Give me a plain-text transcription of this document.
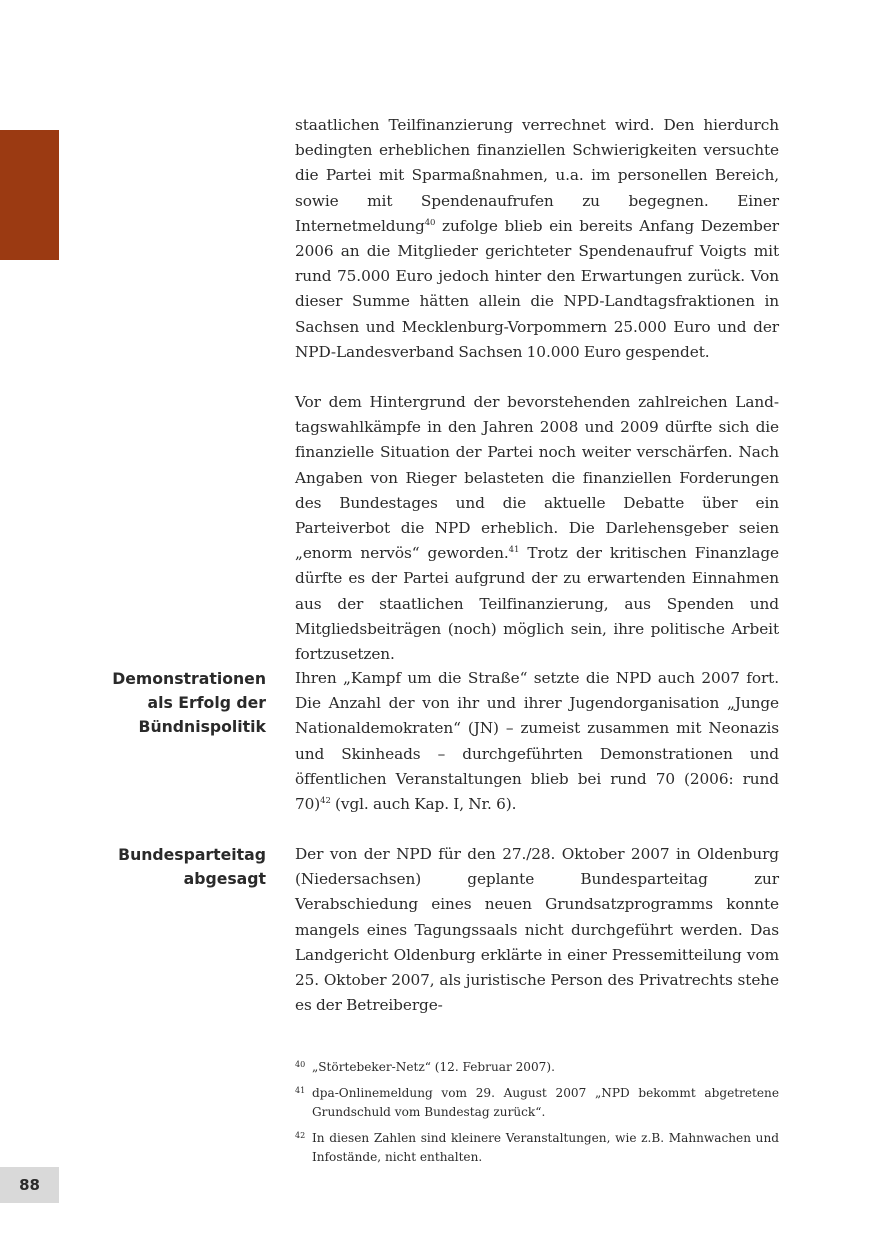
staatlichen Teilfinanzierung verrechnet wird. Den hierdurch bedingten erheblichen finanziellen Schwierigkeiten versuchte die Partei mit Sparmaßnahmen, u.a. im personellen Bereich, sowie mit Spendenaufrufen zu begegnen. Einer Internetmeldung$^{40}$ zufolge blieb ein bereits Anfang Dezember 2006 an die Mitglieder gerichteter Spendenaufruf Voigts mit rund 75.000 Euro jedoch hinter den Erwartungen zurück. Von dieser Summe hätten allein die NPD-Landtagsfraktionen in Sachsen und Mecklenburg-Vorpommern 25.000 Euro und der NPD-Landesverband Sachsen 10.000 Euro gespendet.

Vor dem Hintergrund der bevorstehenden zahlreichen Landtagswahlkämpfe in den Jahren 2008 und 2009 dürfte sich die finanzielle Situation der Partei noch weiter verschärfen. Nach Angaben von Rieger belasteten die finanziellen Forderungen des Bundestages und die aktuelle Debatte über ein Parteiverbot die NPD erheblich. Die Darlehensgeber seien „enorm nervös“ geworden.$^{41}$ Trotz der kritischen Finanzlage dürfte es der Partei aufgrund der zu erwartenden Einnahmen aus der staatlichen Teilfinanzierung, aus Spenden und Mitgliedsbeiträgen (noch) möglich sein, ihre politische Arbeit fortzusetzen.

Demonstrationen
als Erfolg der
Bündnispolitik

Ihren „Kampf um die Straße“ setzte die NPD auch 2007 fort. Die Anzahl der von ihr und ihrer Jugendorganisation „Junge Nationaldemokraten“ (JN) – zumeist zusammen mit Neonazis und Skinheads – durchgeführten Demonstrationen und öffentlichen Veranstaltungen blieb bei rund 70 (2006: rund 70)$^{42}$ (vgl. auch Kap. I, Nr. 6).

Bundesparteitag
abgesagt

Der von der NPD für den 27./28. Oktober 2007 in Oldenburg (Niedersachsen) geplante Bundesparteitag zur Verabschiedung eines neuen Grundsatzprogramms konnte mangels eines Tagungssaals nicht durchgeführt werden. Das Landgericht Oldenburg erklärte in einer Pressemitteilung vom 25. Oktober 2007, als juristische Person des Privatrechts stehe es der Betreiberge-

40 „Störtebeker-Netz“ (12. Februar 2007).
41 dpa-Onlinemeldung vom 29. August 2007 „NPD bekommt abgetretene Grundschuld vom Bundestag zurück“.
42 In diesen Zahlen sind kleinere Veranstaltungen, wie z.B. Mahnwachen und Infostände, nicht enthalten.
88
